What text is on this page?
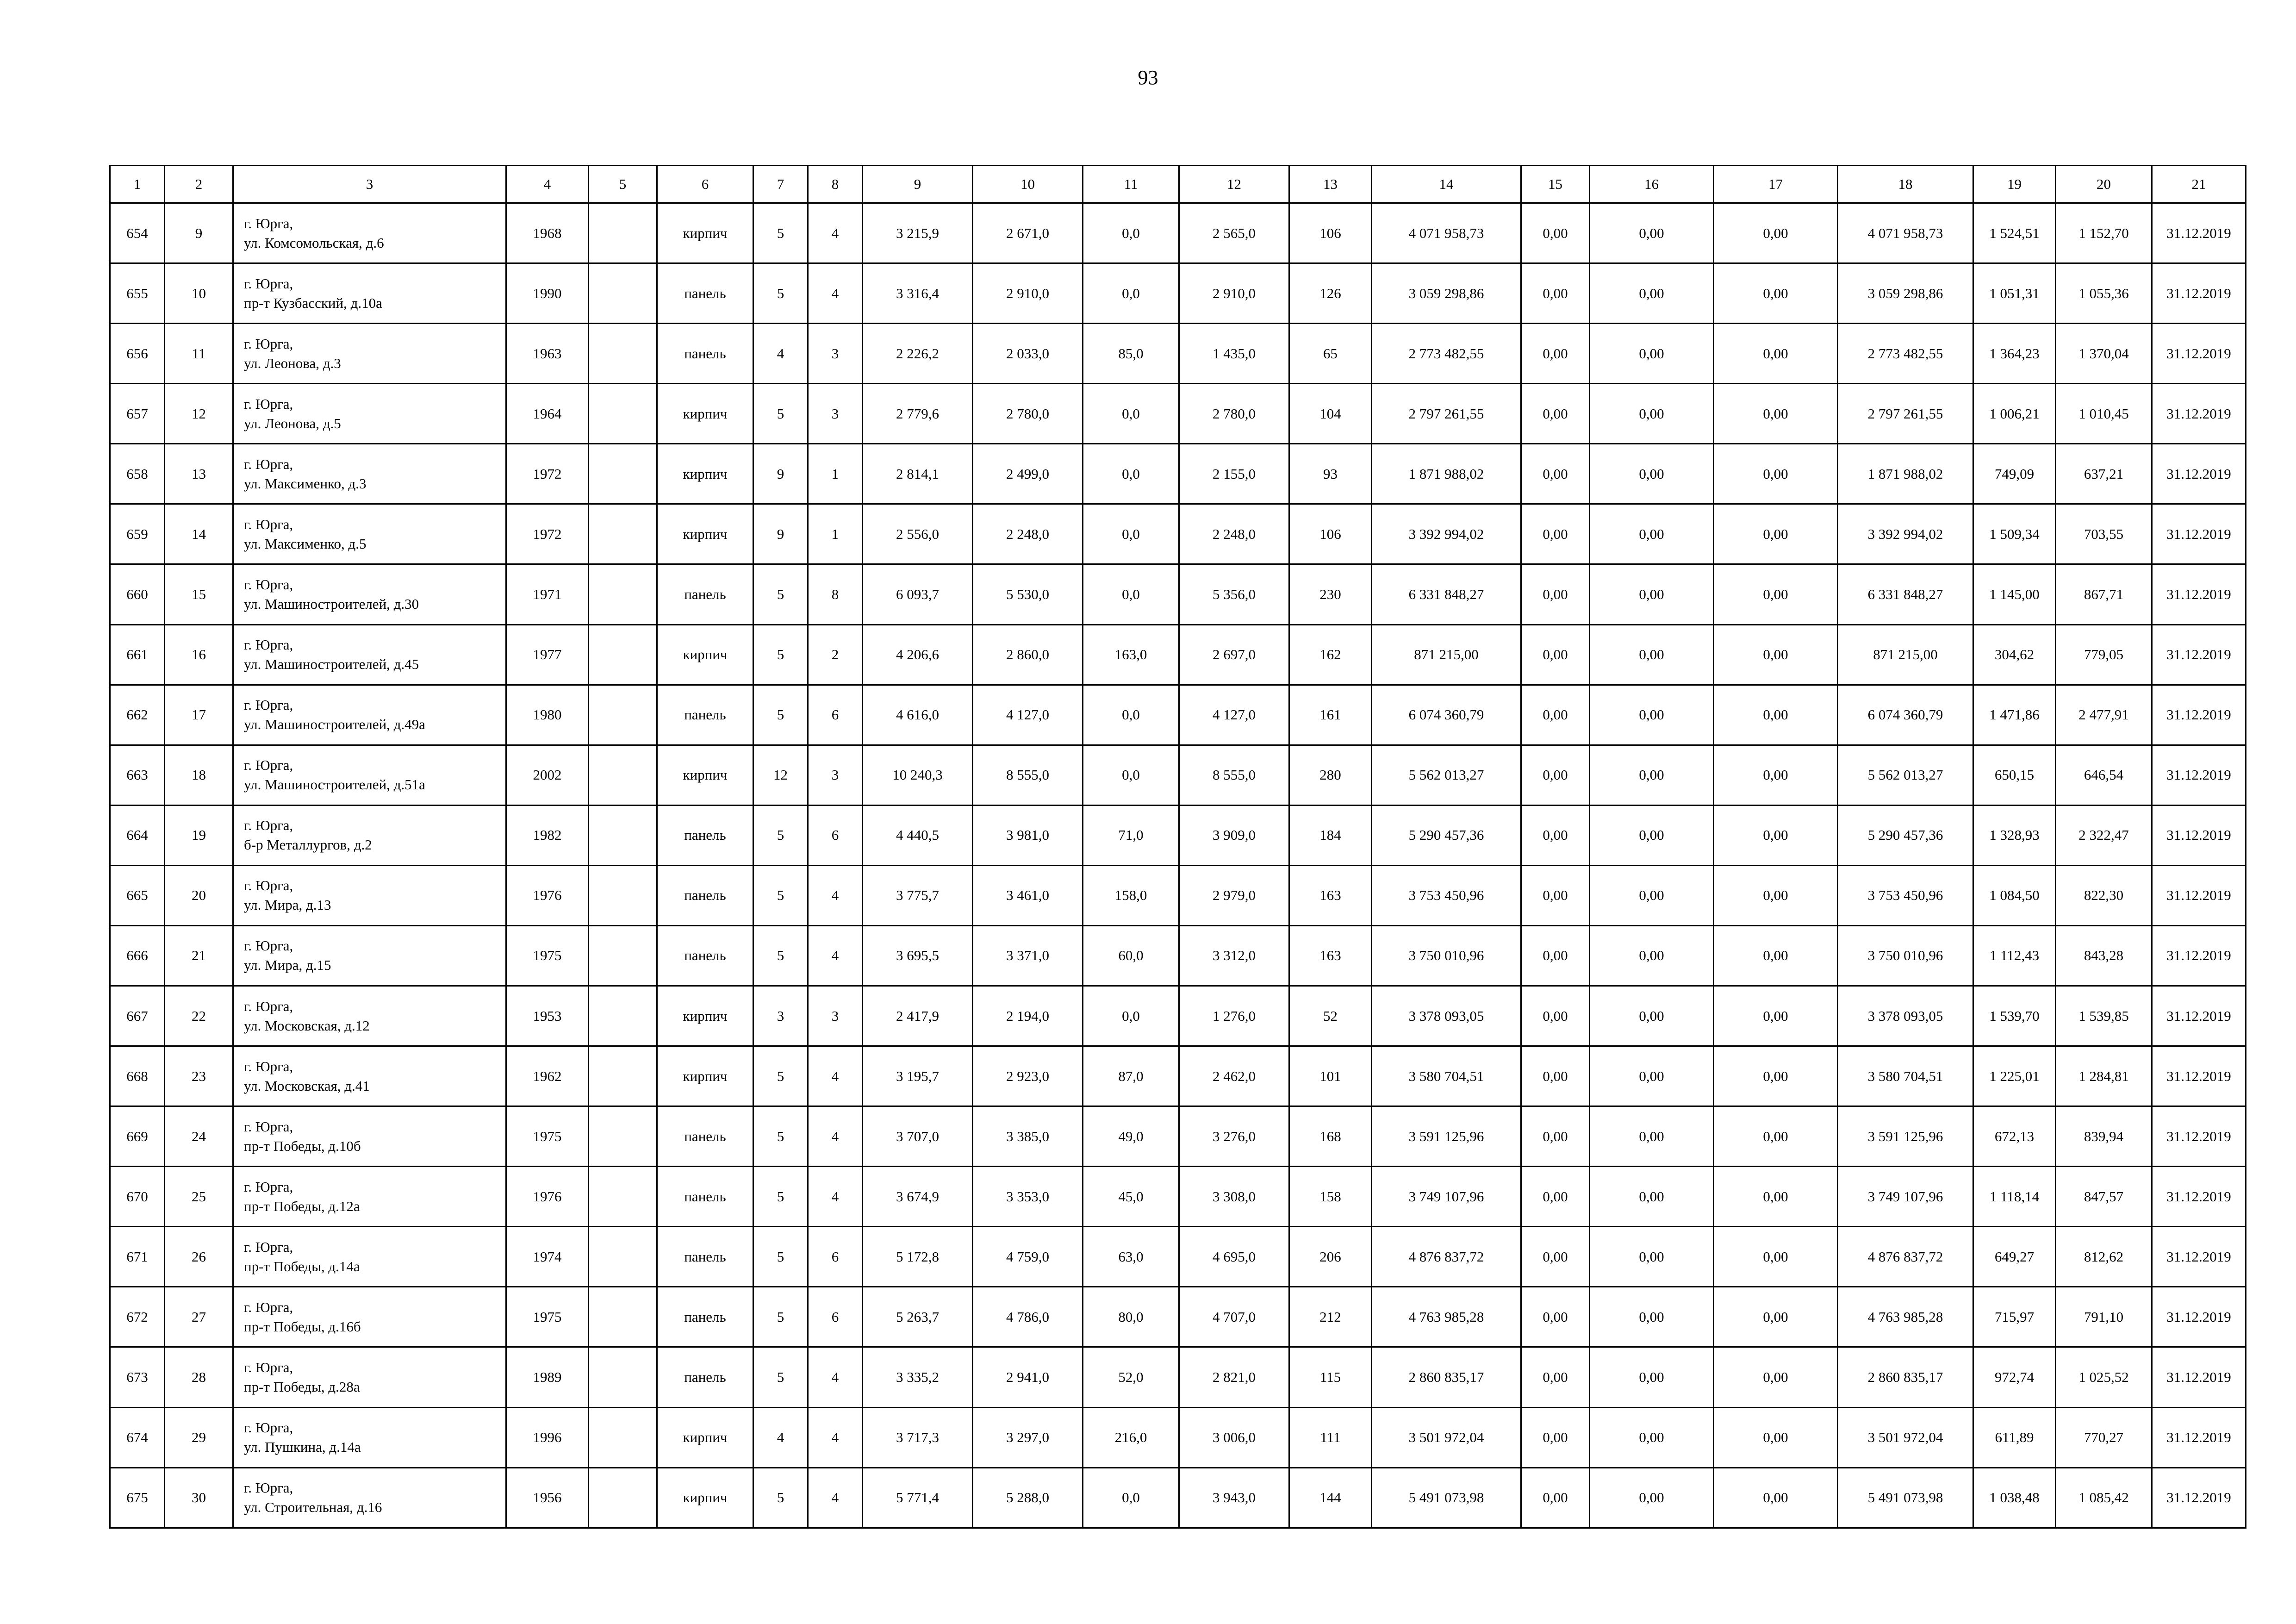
93
1	2	3	4	5	6	7	8	9	10	11	12	13	14	15	16	17	18	19	20	21
654	9	г. Юрга,
ул. Комсомольская, д.6	1968		кирпич	5	4	3 215,9	2 671,0	0,0	2 565,0	106	4 071 958,73	0,00	0,00	0,00	4 071 958,73	1 524,51	1 152,70	31.12.2019
655	10	г. Юрга,
пр-т Кузбасский, д.10а	1990		панель	5	4	3 316,4	2 910,0	0,0	2 910,0	126	3 059 298,86	0,00	0,00	0,00	3 059 298,86	1 051,31	1 055,36	31.12.2019
656	11	г. Юрга,
ул. Леонова, д.3	1963		панель	4	3	2 226,2	2 033,0	85,0	1 435,0	65	2 773 482,55	0,00	0,00	0,00	2 773 482,55	1 364,23	1 370,04	31.12.2019
657	12	г. Юрга,
ул. Леонова, д.5	1964		кирпич	5	3	2 779,6	2 780,0	0,0	2 780,0	104	2 797 261,55	0,00	0,00	0,00	2 797 261,55	1 006,21	1 010,45	31.12.2019
658	13	г. Юрга,
ул. Максименко, д.3	1972		кирпич	9	1	2 814,1	2 499,0	0,0	2 155,0	93	1 871 988,02	0,00	0,00	0,00	1 871 988,02	749,09	637,21	31.12.2019
659	14	г. Юрга,
ул. Максименко, д.5	1972		кирпич	9	1	2 556,0	2 248,0	0,0	2 248,0	106	3 392 994,02	0,00	0,00	0,00	3 392 994,02	1 509,34	703,55	31.12.2019
660	15	г. Юрга,
ул. Машиностроителей, д.30	1971		панель	5	8	6 093,7	5 530,0	0,0	5 356,0	230	6 331 848,27	0,00	0,00	0,00	6 331 848,27	1 145,00	867,71	31.12.2019
661	16	г. Юрга,
ул. Машиностроителей, д.45	1977		кирпич	5	2	4 206,6	2 860,0	163,0	2 697,0	162	871 215,00	0,00	0,00	0,00	871 215,00	304,62	779,05	31.12.2019
662	17	г. Юрга,
ул. Машиностроителей, д.49а	1980		панель	5	6	4 616,0	4 127,0	0,0	4 127,0	161	6 074 360,79	0,00	0,00	0,00	6 074 360,79	1 471,86	2 477,91	31.12.2019
663	18	г. Юрга,
ул. Машиностроителей, д.51а	2002		кирпич	12	3	10 240,3	8 555,0	0,0	8 555,0	280	5 562 013,27	0,00	0,00	0,00	5 562 013,27	650,15	646,54	31.12.2019
664	19	г. Юрга,
б-р Металлургов, д.2	1982		панель	5	6	4 440,5	3 981,0	71,0	3 909,0	184	5 290 457,36	0,00	0,00	0,00	5 290 457,36	1 328,93	2 322,47	31.12.2019
665	20	г. Юрга,
ул. Мира, д.13	1976		панель	5	4	3 775,7	3 461,0	158,0	2 979,0	163	3 753 450,96	0,00	0,00	0,00	3 753 450,96	1 084,50	822,30	31.12.2019
666	21	г. Юрга,
ул. Мира, д.15	1975		панель	5	4	3 695,5	3 371,0	60,0	3 312,0	163	3 750 010,96	0,00	0,00	0,00	3 750 010,96	1 112,43	843,28	31.12.2019
667	22	г. Юрга,
ул. Московская, д.12	1953		кирпич	3	3	2 417,9	2 194,0	0,0	1 276,0	52	3 378 093,05	0,00	0,00	0,00	3 378 093,05	1 539,70	1 539,85	31.12.2019
668	23	г. Юрга,
ул. Московская, д.41	1962		кирпич	5	4	3 195,7	2 923,0	87,0	2 462,0	101	3 580 704,51	0,00	0,00	0,00	3 580 704,51	1 225,01	1 284,81	31.12.2019
669	24	г. Юрга,
пр-т Победы, д.10б	1975		панель	5	4	3 707,0	3 385,0	49,0	3 276,0	168	3 591 125,96	0,00	0,00	0,00	3 591 125,96	672,13	839,94	31.12.2019
670	25	г. Юрга,
пр-т Победы, д.12а	1976		панель	5	4	3 674,9	3 353,0	45,0	3 308,0	158	3 749 107,96	0,00	0,00	0,00	3 749 107,96	1 118,14	847,57	31.12.2019
671	26	г. Юрга,
пр-т Победы, д.14а	1974		панель	5	6	5 172,8	4 759,0	63,0	4 695,0	206	4 876 837,72	0,00	0,00	0,00	4 876 837,72	649,27	812,62	31.12.2019
672	27	г. Юрга,
пр-т Победы, д.16б	1975		панель	5	6	5 263,7	4 786,0	80,0	4 707,0	212	4 763 985,28	0,00	0,00	0,00	4 763 985,28	715,97	791,10	31.12.2019
673	28	г. Юрга,
пр-т Победы, д.28а	1989		панель	5	4	3 335,2	2 941,0	52,0	2 821,0	115	2 860 835,17	0,00	0,00	0,00	2 860 835,17	972,74	1 025,52	31.12.2019
674	29	г. Юрга,
ул. Пушкина, д.14а	1996		кирпич	4	4	3 717,3	3 297,0	216,0	3 006,0	111	3 501 972,04	0,00	0,00	0,00	3 501 972,04	611,89	770,27	31.12.2019
675	30	г. Юрга,
ул. Строительная, д.16	1956		кирпич	5	4	5 771,4	5 288,0	0,0	3 943,0	144	5 491 073,98	0,00	0,00	0,00	5 491 073,98	1 038,48	1 085,42	31.12.2019
